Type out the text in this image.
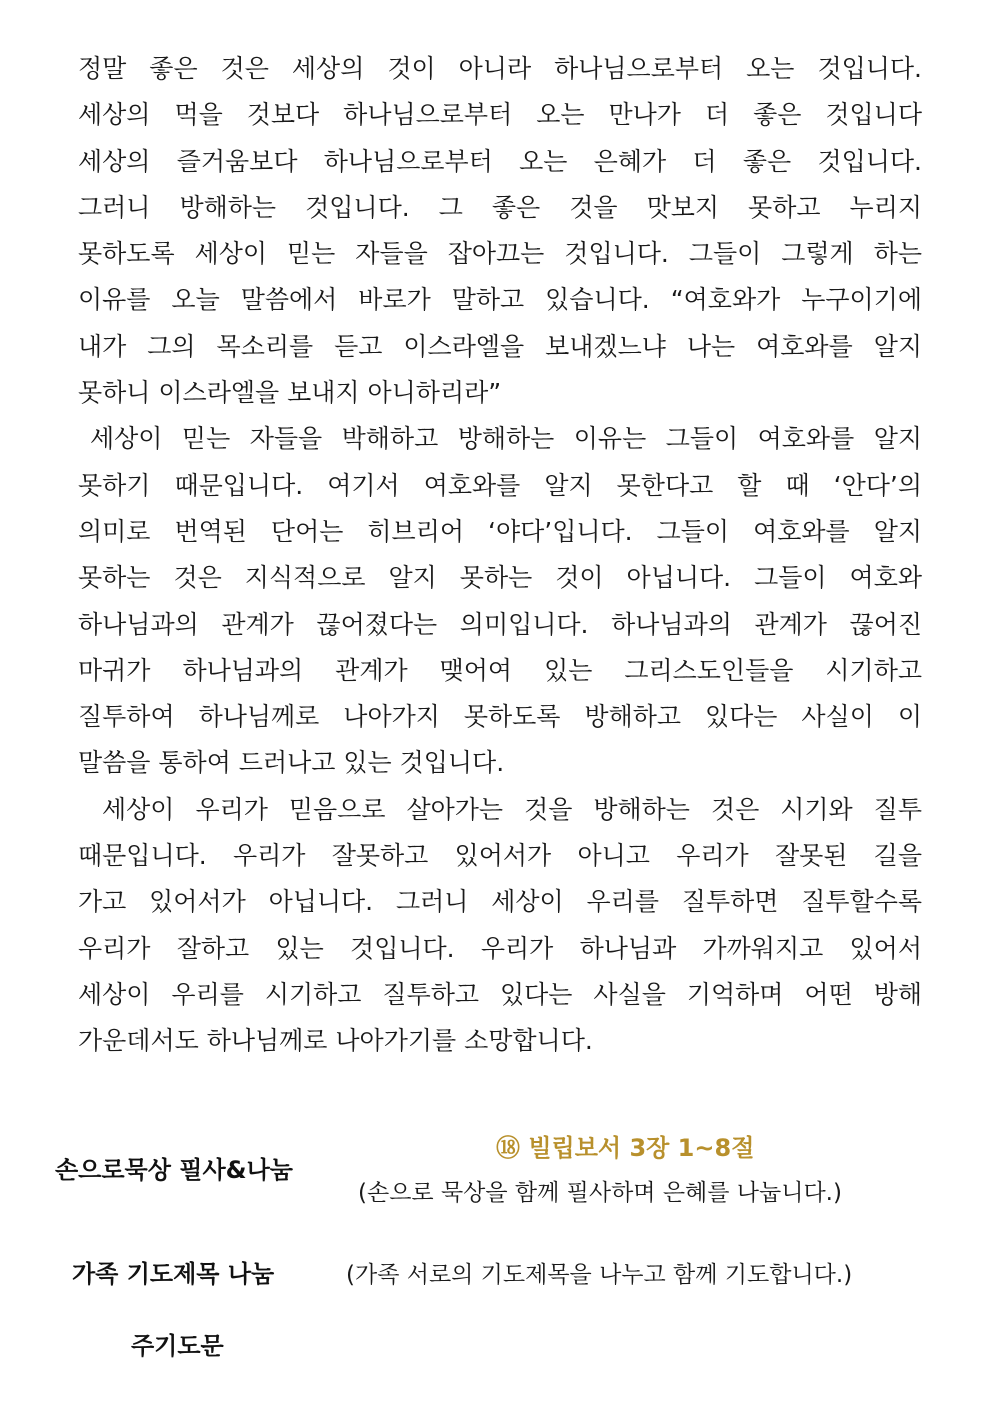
정말 좋은 것은 세상의 것이 아니라 하나님으로부터 오는 것입니다.
세상의 먹을 것보다 하나님으로부터 오는 만나가 더 좋은 것입니다
세상의 즐거움보다 하나님으로부터 오는 은혜가 더 좋은 것입니다.
그러니 방해하는 것입니다. 그 좋은 것을 맛보지 못하고 누리지
못하도록 세상이 믿는 자들을 잡아끄는 것입니다. 그들이 그렇게 하는
이유를 오늘 말씀에서 바로가 말하고 있습니다. “여호와가 누구이기에
내가 그의 목소리를 듣고 이스라엘을 보내겠느냐 나는 여호와를 알지
못하니 이스라엘을 보내지 아니하리라”
세상이 믿는 자들을 박해하고 방해하는 이유는 그들이 여호와를 알지
못하기 때문입니다. 여기서 여호와를 알지 못한다고 할 때 ‘안다’의
의미로 번역된 단어는 히브리어 ‘야다’입니다. 그들이 여호와를 알지
못하는 것은 지식적으로 알지 못하는 것이 아닙니다. 그들이 여호와
하나님과의 관계가 끊어졌다는 의미입니다. 하나님과의 관계가 끊어진
마귀가 하나님과의 관계가 맺어여 있는 그리스도인들을 시기하고
질투하여 하나님께로 나아가지 못하도록 방해하고 있다는 사실이 이
말씀을 통하여 드러나고 있는 것입니다.
세상이 우리가 믿음으로 살아가는 것을 방해하는 것은 시기와 질투
때문입니다. 우리가 잘못하고 있어서가 아니고 우리가 잘못된 길을
가고 있어서가 아닙니다. 그러니 세상이 우리를 질투하면 질투할수록
우리가 잘하고 있는 것입니다. 우리가 하나님과 가까워지고 있어서
세상이 우리를 시기하고 질투하고 있다는 사실을 기억하며 어떤 방해
가운데서도 하나님께로 나아가기를 소망합니다.
손으로묵상 필사&나눔
⑱ 빌립보서 3장 1~8절
(손으로 묵상을 함께 필사하며 은혜를 나눕니다.)
가족 기도제목 나눔	(가족 서로의 기도제목을 나누고 함께 기도합니다.)
주기도문
